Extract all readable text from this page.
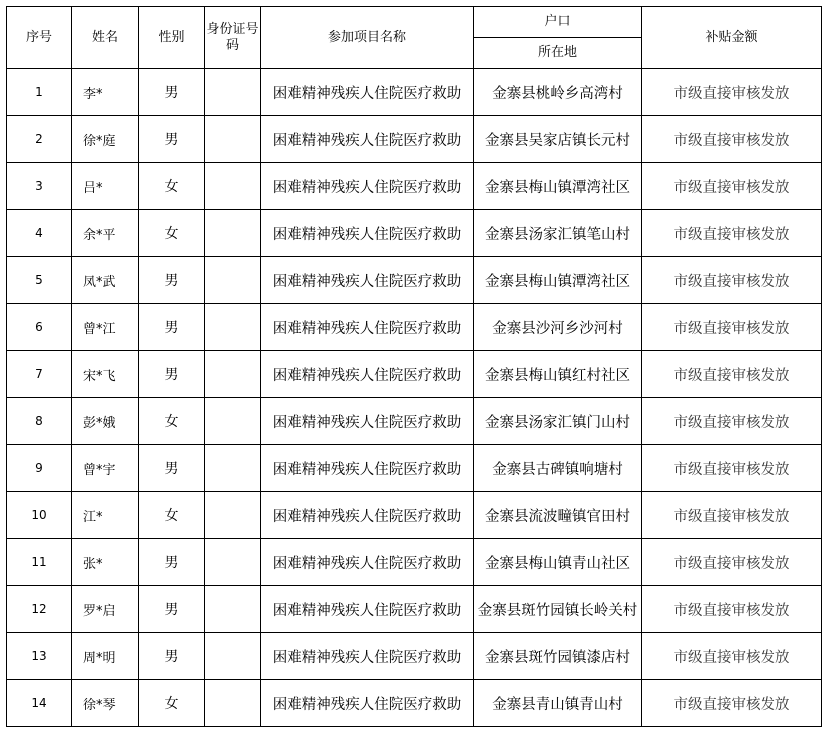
序号	姓名	性别	身份证号码	参加项目名称	户口	补贴金额
					所在地	
1	李*	男		困难精神残疾人住院医疗救助	金寨县桃岭乡高湾村	市级直接审核发放
2	徐*庭	男		困难精神残疾人住院医疗救助	金寨县吴家店镇长元村	市级直接审核发放
3	吕*	女		困难精神残疾人住院医疗救助	金寨县梅山镇潭湾社区	市级直接审核发放
4	余*平	女		困难精神残疾人住院医疗救助	金寨县汤家汇镇笔山村	市级直接审核发放
5	凤*武	男		困难精神残疾人住院医疗救助	金寨县梅山镇潭湾社区	市级直接审核发放
6	曾*江	男		困难精神残疾人住院医疗救助	金寨县沙河乡沙河村	市级直接审核发放
7	宋*飞	男		困难精神残疾人住院医疗救助	金寨县梅山镇红村社区	市级直接审核发放
8	彭*娥	女		困难精神残疾人住院医疗救助	金寨县汤家汇镇门山村	市级直接审核发放
9	曾*宇	男		困难精神残疾人住院医疗救助	金寨县古碑镇响塘村	市级直接审核发放
10	江*	女		困难精神残疾人住院医疗救助	金寨县流波疃镇官田村	市级直接审核发放
11	张*	男		困难精神残疾人住院医疗救助	金寨县梅山镇青山社区	市级直接审核发放
12	罗*启	男		困难精神残疾人住院医疗救助	金寨县斑竹园镇长岭关村	市级直接审核发放
13	周*明	男		困难精神残疾人住院医疗救助	金寨县斑竹园镇漆店村	市级直接审核发放
14	徐*琴	女		困难精神残疾人住院医疗救助	金寨县青山镇青山村	市级直接审核发放
